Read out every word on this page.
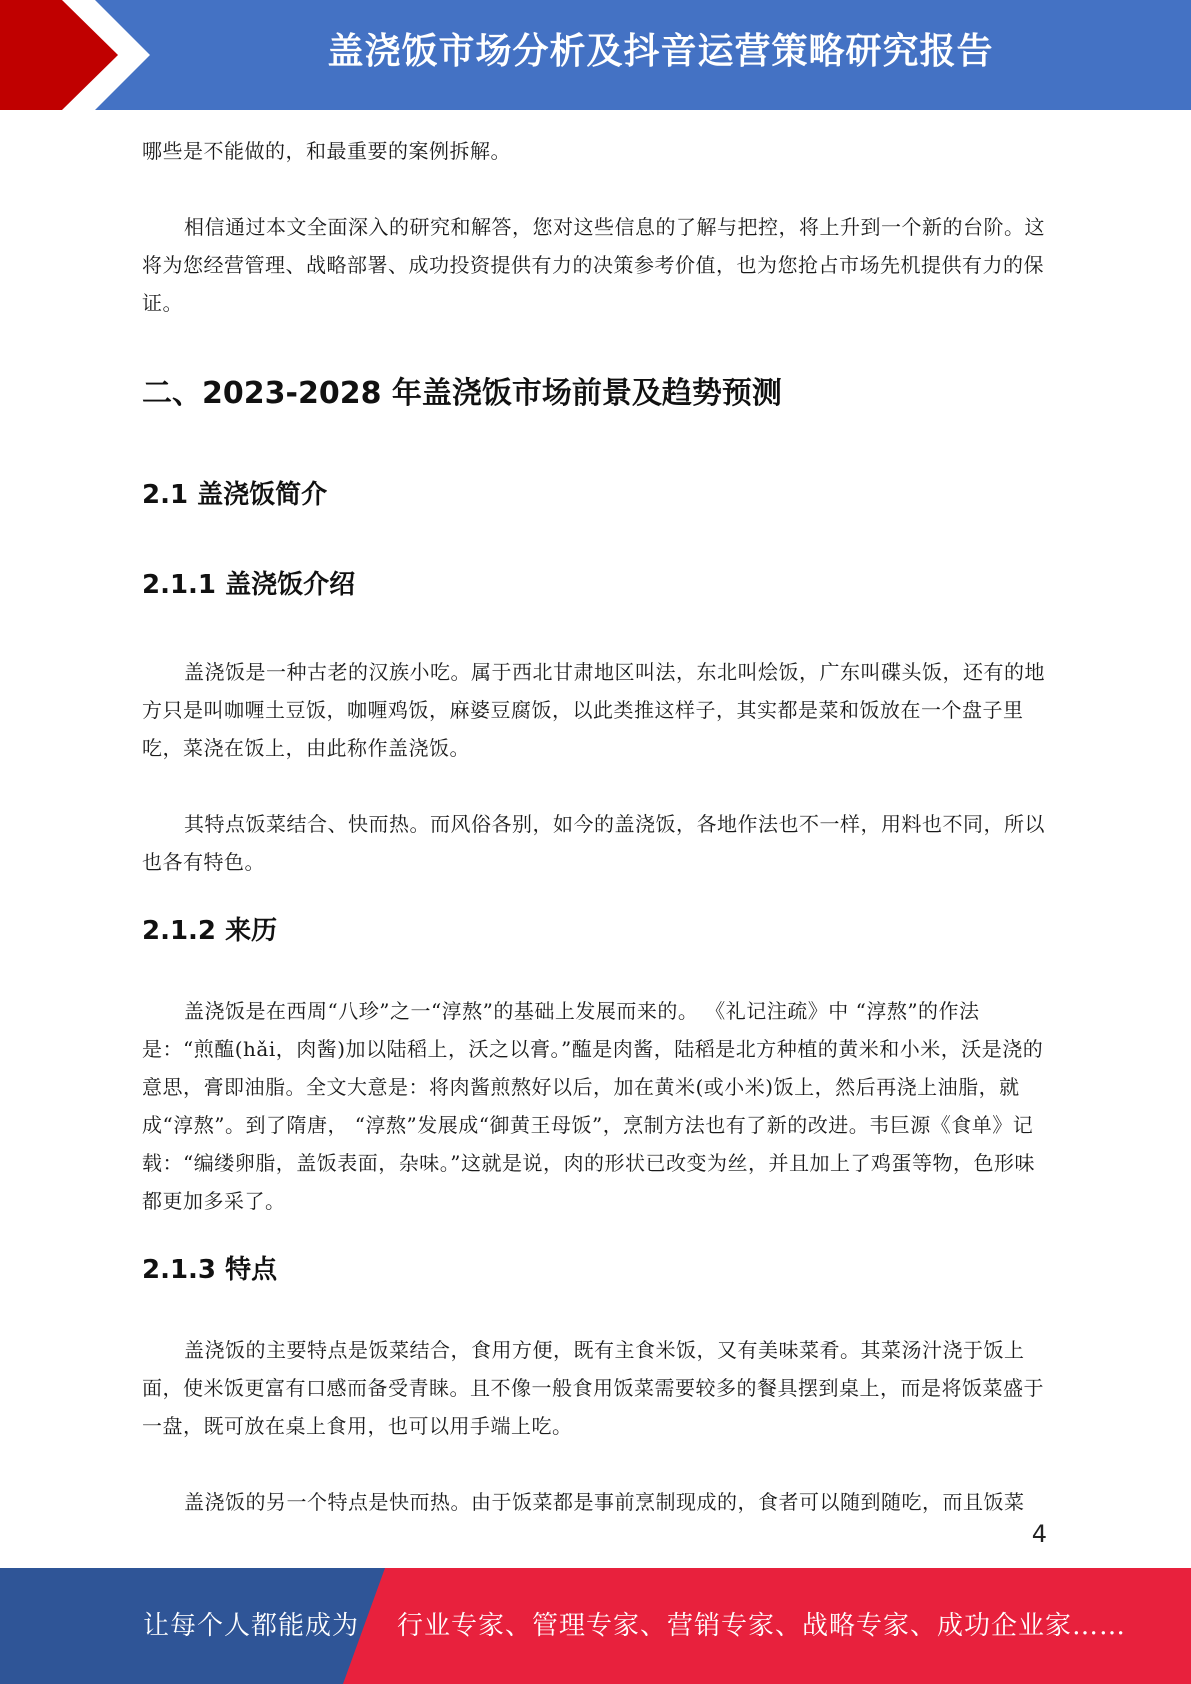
盖浇饭市场分析及抖音运营策略研究报告

哪些是不能做的，和最重要的案例拆解。

相信通过本文全面深入的研究和解答，您对这些信息的了解与把控，将上升到一个新的台阶。这将为您经营管理、战略部署、成功投资提供有力的决策参考价值，也为您抢占市场先机提供有力的保证。

二、2023-2028 年盖浇饭市场前景及趋势预测
2.1 盖浇饭简介
2.1.1 盖浇饭介绍

盖浇饭是一种古老的汉族小吃。属于西北甘肃地区叫法，东北叫烩饭，广东叫碟头饭，还有的地方只是叫咖喱土豆饭，咖喱鸡饭，麻婆豆腐饭，以此类推这样子，其实都是菜和饭放在一个盘子里吃，菜浇在饭上，由此称作盖浇饭。

其特点饭菜结合、快而热。而风俗各别，如今的盖浇饭，各地作法也不一样，用料也不同，所以也各有特色。

2.1.2 来历

盖浇饭是在西周“八珍”之一“淳熬”的基础上发展而来的。 《礼记注疏》中 “淳熬”的作法是：“煎醢(hǎi，肉酱)加以陆稻上，沃之以膏。”醢是肉酱，陆稻是北方种植的黄米和小米，沃是浇的意思，膏即油脂。全文大意是：将肉酱煎熬好以后，加在黄米(或小米)饭上，然后再浇上油脂，就成“淳熬”。到了隋唐， “淳熬”发展成“御黄王母饭”，烹制方法也有了新的改进。韦巨源《食单》记载：“编缕卵脂，盖饭表面，杂味。”这就是说，肉的形状已改变为丝，并且加上了鸡蛋等物，色形味都更加多采了。

2.1.3 特点

盖浇饭的主要特点是饭菜结合，食用方便，既有主食米饭，又有美味菜肴。其菜汤汁浇于饭上面，使米饭更富有口感而备受青睐。且不像一般食用饭菜需要较多的餐具摆到桌上，而是将饭菜盛于一盘，既可放在桌上食用，也可以用手端上吃。

盖浇饭的另一个特点是快而热。由于饭菜都是事前烹制现成的，食者可以随到随吃，而且饭菜

4
让每个人都能成为 行业专家、管理专家、营销专家、战略专家、成功企业家……
